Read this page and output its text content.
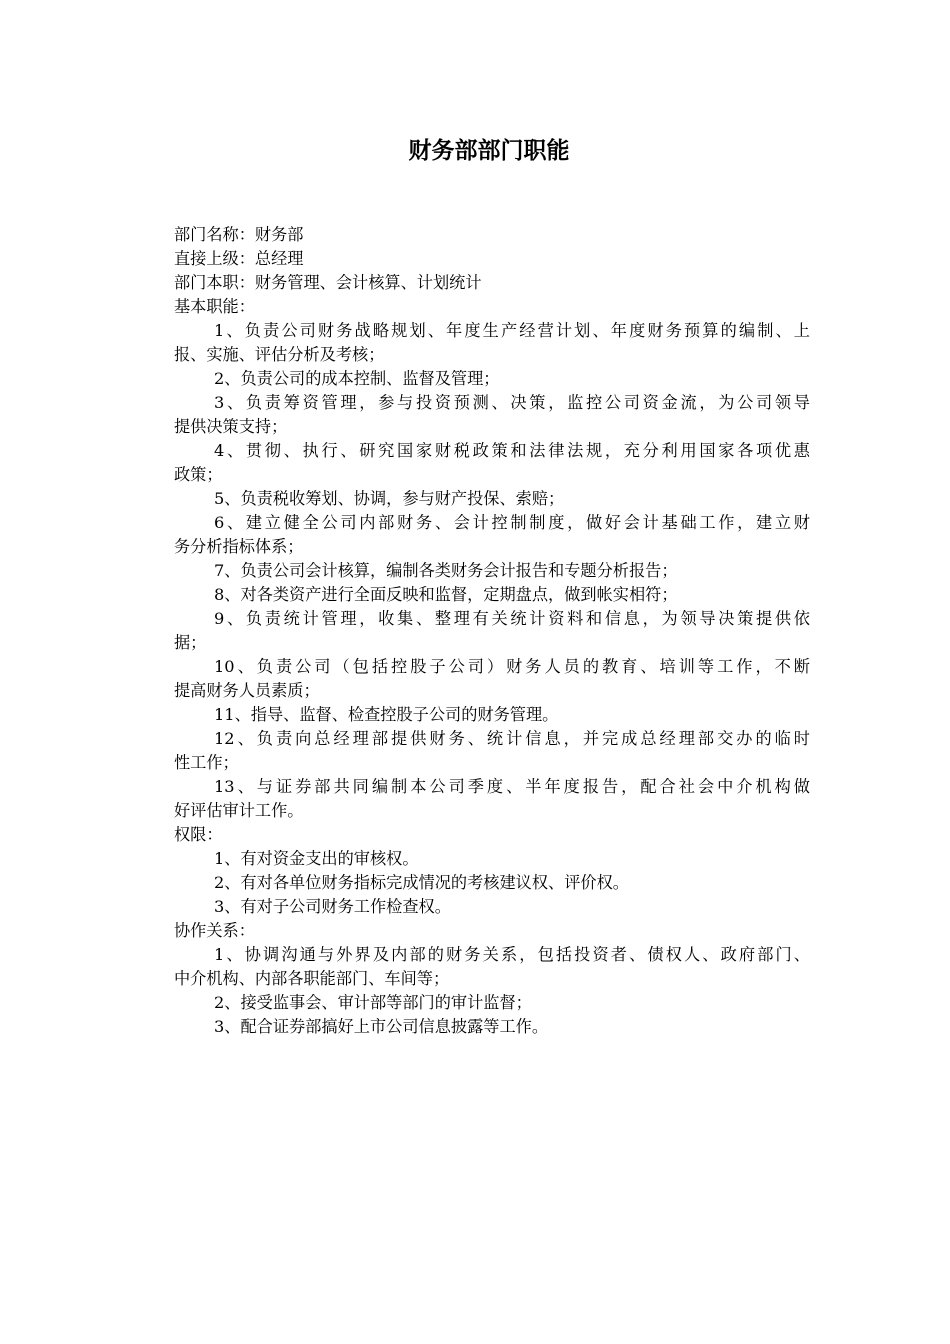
财务部部门职能
部门名称：财务部
直接上级：总经理
部门本职：财务管理、会计核算、计划统计
基本职能：
1、负责公司财务战略规划、年度生产经营计划、年度财务预算的编制、上
报、实施、评估分析及考核；
2、负责公司的成本控制、监督及管理；
3、负责筹资管理，参与投资预测、决策，监控公司资金流，为公司领导
提供决策支持；
4、贯彻、执行、研究国家财税政策和法律法规，充分利用国家各项优惠
政策；
5、负责税收筹划、协调，参与财产投保、索赔；
6、建立健全公司内部财务、会计控制制度，做好会计基础工作，建立财
务分析指标体系；
7、负责公司会计核算，编制各类财务会计报告和专题分析报告；
8、对各类资产进行全面反映和监督，定期盘点，做到帐实相符；
9、负责统计管理，收集、整理有关统计资料和信息，为领导决策提供依
据；
10、负责公司（包括控股子公司）财务人员的教育、培训等工作，不断
提高财务人员素质；
11、指导、监督、检查控股子公司的财务管理。
12、负责向总经理部提供财务、统计信息，并完成总经理部交办的临时
性工作；
13、与证券部共同编制本公司季度、半年度报告，配合社会中介机构做
好评估审计工作。
权限：
1、有对资金支出的审核权。
2、有对各单位财务指标完成情况的考核建议权、评价权。
3、有对子公司财务工作检查权。
协作关系：
1、协调沟通与外界及内部的财务关系，包括投资者、债权人、政府部门、
中介机构、内部各职能部门、车间等；
2、接受监事会、审计部等部门的审计监督；
3、配合证券部搞好上市公司信息披露等工作。
